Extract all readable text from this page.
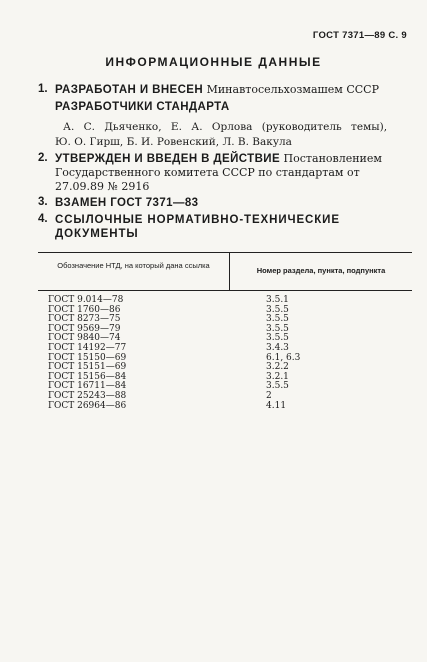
ГОСТ 7371—89 С. 9
ИНФОРМАЦИОННЫЕ ДАННЫЕ
1. РАЗРАБОТАН И ВНЕСЕН Минавтосельхозмашем СССР
РАЗРАБОТЧИКИ СТАНДАРТА
А. С. Дьяченко, Е. А. Орлова (руководитель темы),
Ю. О. Гирш, Б. И. Ровенский, Л. В. Вакула
2. УТВЕРЖДЕН И ВВЕДЕН В ДЕЙСТВИЕ Постановлением Государственного комитета СССР по стандартам от 27.09.89 № 2916
3. ВЗАМЕН ГОСТ 7371—83
4. ССЫЛОЧНЫЕ НОРМАТИВНО-ТЕХНИЧЕСКИЕ ДОКУМЕНТЫ
Обозначение НТД, на который дана ссылка
Номер раздела, пункта, подпункта
ГОСТ 9.014—78	3.5.1
ГОСТ 1760—86	3.5.5
ГОСТ 8273—75	3.5.5
ГОСТ 9569—79	3.5.5
ГОСТ 9840—74	3.5.5
ГОСТ 14192—77	3.4.3
ГОСТ 15150—69	6.1, 6.3
ГОСТ 15151—69	3.2.2
ГОСТ 15156—84	3.2.1
ГОСТ 16711—84	3.5.5
ГОСТ 25243—88	2
ГОСТ 26964—86	4.11
